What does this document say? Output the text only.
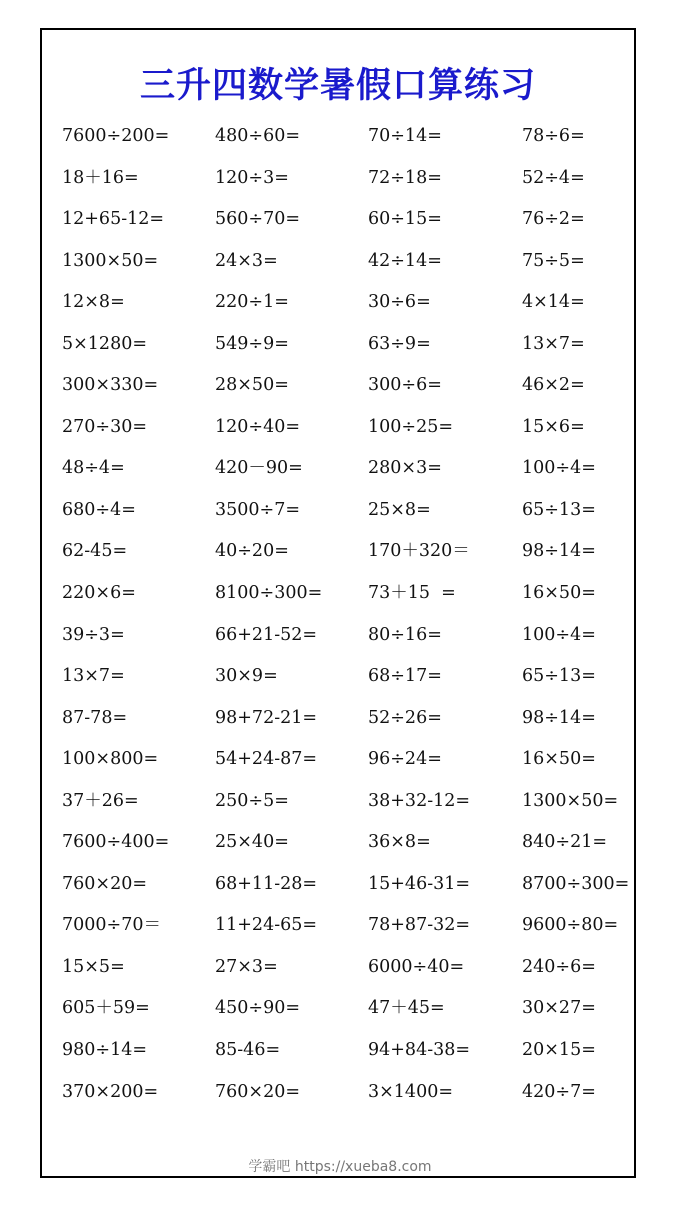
三升四数学暑假口算练习
7600÷200=	480÷60=	70÷14=	78÷6=
18＋16=	120÷3=	72÷18=	52÷4=
12+65-12=	560÷70=	60÷15=	76÷2=
1300×50=	24×3=	42÷14=	75÷5=
12×8=	220÷1=	30÷6=	4×14=
5×1280=	549÷9=	63÷9=	13×7=
300×330=	28×50=	300÷6=	46×2=
270÷30=	120÷40=	100÷25=	15×6=
48÷4=	420－90=	280×3=	100÷4=
680÷4=	3500÷7=	25×8=	65÷13=
62-45=	40÷20=	170＋320＝	98÷14=
220×6=	8100÷300=	73＋15  =	16×50=
39÷3=	66+21-52=	80÷16=	100÷4=
13×7=	30×9=	68÷17=	65÷13=
87-78=	98+72-21=	52÷26=	98÷14=
100×800=	54+24-87=	96÷24=	16×50=
37＋26=	250÷5=	38+32-12=	1300×50=
7600÷400=	25×40=	36×8=	840÷21=
760×20=	68+11-28=	15+46-31=	8700÷300=
7000÷70＝	11+24-65=	78+87-32=	9600÷80=
15×5=	27×3=	6000÷40=	240÷6=
605＋59=	450÷90=	47＋45=	30×27=
980÷14=	85-46=	94+84-38=	20×15=
370×200=	760×20=	3×1400=	420÷7=
学霸吧 https://xueba8.com
